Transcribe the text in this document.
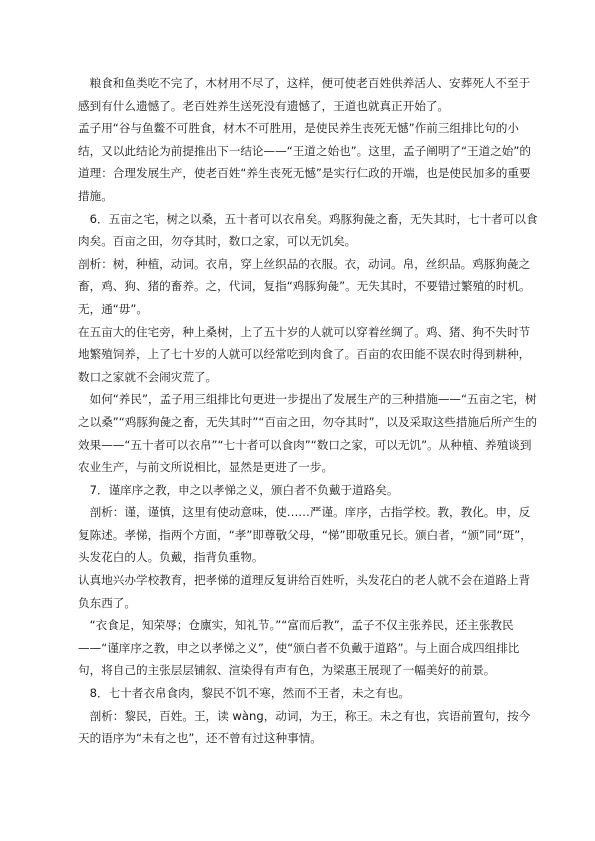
粮食和鱼类吃不完了，木材用不尽了，这样，便可使老百姓供养活人、安葬死人不至于感到有什么遗憾了。老百姓养生送死没有遗憾了，王道也就真正开始了。

孟子用“谷与鱼鳖不可胜食，材木不可胜用，是使民养生丧死无憾”作前三组排比句的小结，又以此结论为前提推出下一结论——“王道之始也”。这里，孟子阐明了“王道之始”的道理：合理发展生产，使老百姓“养生丧死无憾”是实行仁政的开端，也是使民加多的重要措施。

6．五亩之宅，树之以桑，五十者可以衣帛矣。鸡豚狗彘之畜，无失其时，七十者可以食肉矣。百亩之田，勿夺其时，数口之家，可以无饥矣。

剖析：树，种植，动词。衣帛，穿上丝织品的衣服。衣，动词。帛，丝织品。鸡豚狗彘之畜，鸡、狗、猪的畜养。之，代词，复指“鸡豚狗彘”。无失其时，不要错过繁殖的时机。无，通“毋”。

在五亩大的住宅旁，种上桑树，上了五十岁的人就可以穿着丝绸了。鸡、猪、狗不失时节地繁殖饲养，上了七十岁的人就可以经常吃到肉食了。百亩的农田能不误农时得到耕种，数口之家就不会闹灾荒了。

如何“养民”，孟子用三组排比句更进一步提出了发展生产的三种措施——“五亩之宅，树之以桑”“鸡豚狗彘之畜，无失其时”“百亩之田，勿夺其时”，以及采取这些措施后所产生的效果——“五十者可以衣帛”“七十者可以食肉”“数口之家，可以无饥”。从种植、养殖谈到农业生产，与前文所说相比，显然是更进了一步。

7．谨庠序之教，申之以孝悌之义，颁白者不负戴于道路矣。

剖析：谨，谨慎，这里有使动意味，使……严谨。庠序，古指学校。教，教化。申，反复陈述。孝悌，指两个方面，“孝”即尊敬父母，“悌”即敬重兄长。颁白者，“颁”同“斑”，头发花白的人。负戴，指背负重物。

认真地兴办学校教育，把孝悌的道理反复讲给百姓听，头发花白的老人就不会在道路上背负东西了。

“衣食足，知荣辱；仓廪实，知礼节。”“富而后教”，孟子不仅主张养民，还主张教民——“谨庠序之教，申之以孝悌之义”，使“颁白者不负戴于道路”。与上面合成四组排比句，将自己的主张层层铺叙、渲染得有声有色，为梁惠王展现了一幅美好的前景。

8．七十者衣帛食肉，黎民不饥不寒，然而不王者，未之有也。

剖析：黎民，百姓。王，读 wàng，动词，为王，称王。未之有也，宾语前置句，按今天的语序为“未有之也”，还不曾有过这种事情。
